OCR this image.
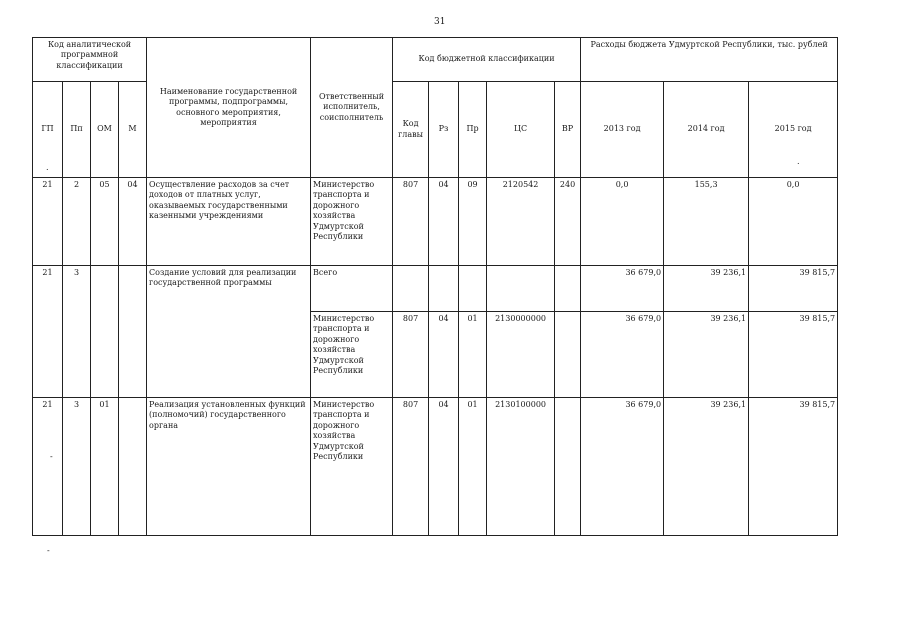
31
Код аналитической программной классификации				Наименование государственной программы, подпрограммы, основного мероприятия, мероприятия	Ответственный исполнитель, соисполнитель	Код бюджетной классификации					Расходы бюджета Удмуртской Республики, тыс. рублей		
ГП	Пп	ОМ	М			Код главы	Рз	Пр	ЦС	ВР	2013 год	2014 год	2015 год
21	2	05	04	Осуществление расходов за счет доходов от платных услуг, оказываемых государственными казенными учреждениями	Министерство транспорта и дорожного хозяйства Удмуртской Республики	807	04	09	2120542	240	0,0	155,3	0,0
21	3			Создание условий для реализации государственной программы	Всего						36 679,0	39 236,1	39 815,7
					Министерство транспорта и дорожного хозяйства Удмуртской Республики	807	04	01	2130000000		36 679,0	39 236,1	39 815,7
21	3	01		Реализация установленных функций (полномочий) государственного органа	Министерство транспорта и дорожного хозяйства Удмуртской Республики	807	04	01	2130100000		36 679,0	39 236,1	39 815,7
.
.
-
-
